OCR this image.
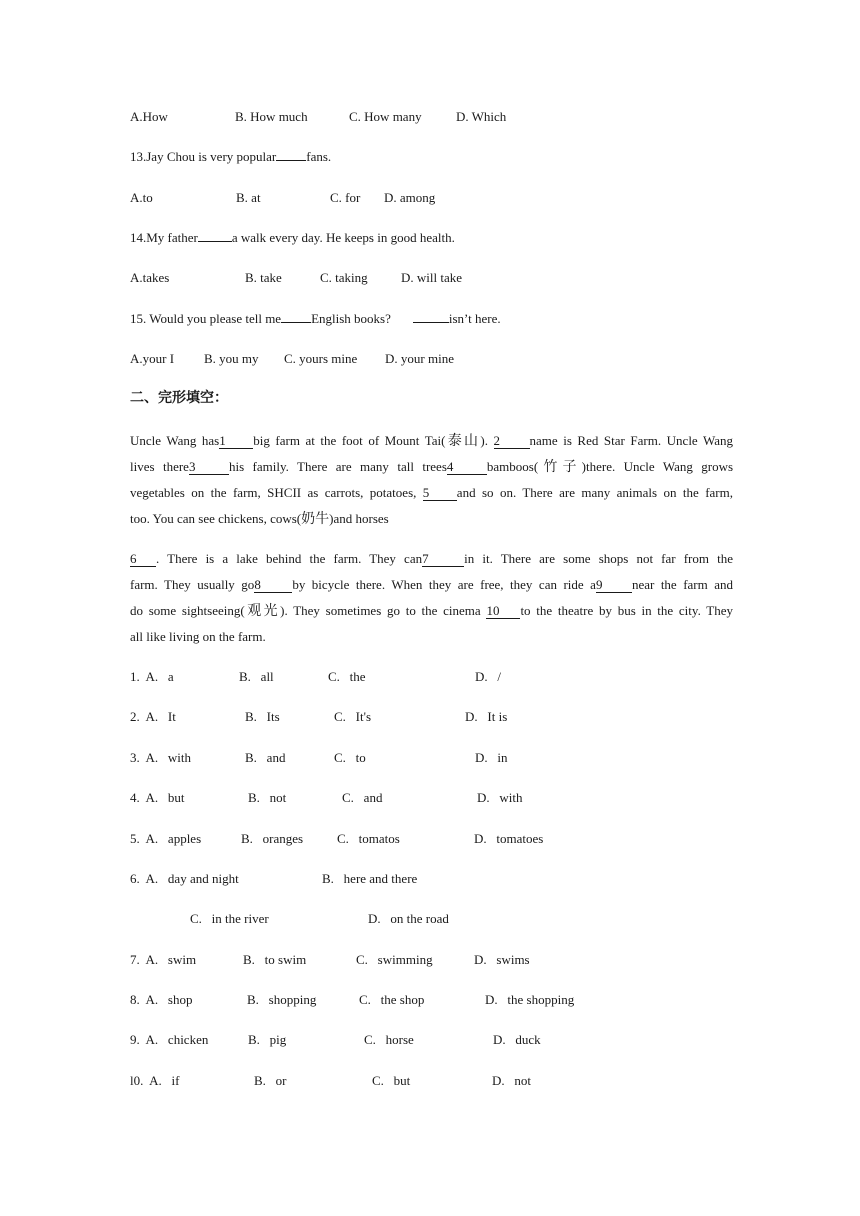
A.How	B. How much	C. How many	D. Which
13.Jay Chou is very popular fans.
A.to	B. at	C. for D. among
14.My father	a walk every day. He keeps in good health.
A.takes	B. take	C. taking	D. will take
15. Would you please tell me English books?	isn’t here.
A.your I B. you my C. yours mine D. your mine
二、完形填空：
Uncle Wang has1 big farm at the foot of Mount Tai(泰山). 2 name is Red Star Farm. Uncle Wang
lives there3	his family. There are many tall trees4	bamboos(竹子)there. Uncle Wang grows
vegetables on the farm, SHCII as carrots, potatoes, 5 and so on. There are many animals on the farm,
too. You can see chickens, cows(奶牛)and horses
6 . There is a lake behind the farm. They can7	in it. There are some shops not far from the
farm. They usually go8 by bicycle there. When they are free, they can ride a9 near the farm and
do some sightseeing(观光). They sometimes go to the cinema 10 to the theatre by bus in the city. They
all like living on the farm.
1.  A.   a	B.   all	C.   the	D.   /
2.  A.   It	B.   Its	C.   It's	D.   It is
3.  A.   with	B.   and	C.   to	D.   in
4.  A.   but	B.   not	C.   and	D.   with
5.  A.   apples	B.   oranges	C.   tomatos	D.   tomatoes
6.  A.   day and night	B.   here and there
C.   in the river	D.   on the road
7.  A.   swim	B.   to swim	C.   swimming	D.   swims
8.  A.   shop	B.   shopping	C.   the shop	D.   the shopping
9.  A.   chicken	B.   pig	C.   horse	D.   duck
l0.  A.   if	B.   or	C.   but	D.   not
